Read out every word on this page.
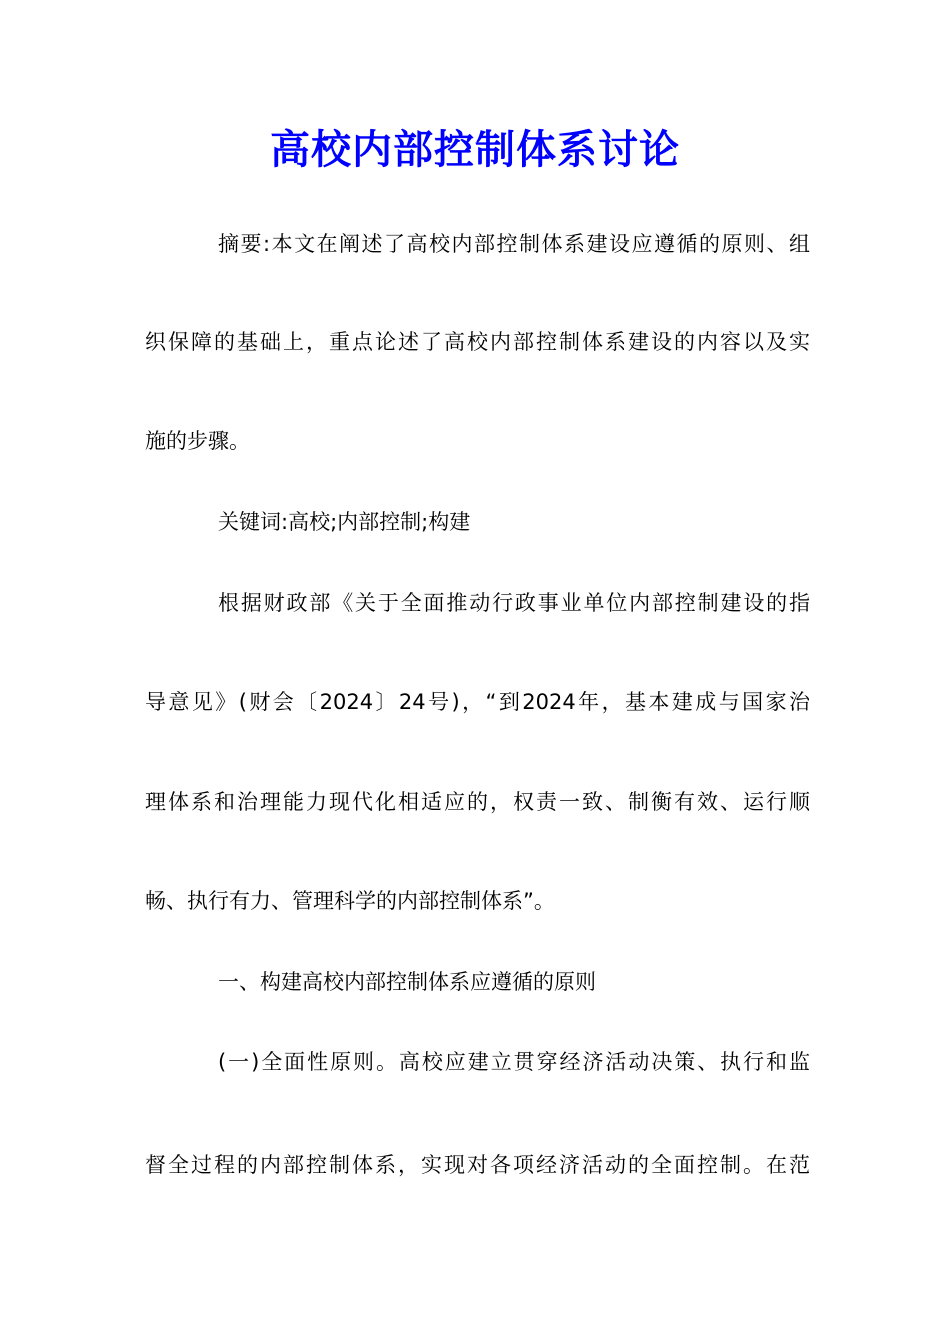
高校内部控制体系讨论
摘要:本文在阐述了高校内部控制体系建设应遵循的原则、组
织保障的基础上，重点论述了高校内部控制体系建设的内容以及实
施的步骤。
关键词:高校;内部控制;构建
根据财政部《关于全面推动行政事业单位内部控制建设的指
导意见》(财会〔2024〕24号)，“到2024年，基本建成与国家治
理体系和治理能力现代化相适应的，权责一致、制衡有效、运行顺
畅、执行有力、管理科学的内部控制体系”。
一、构建高校内部控制体系应遵循的原则
(一)全面性原则。高校应建立贯穿经济活动决策、执行和监
督全过程的内部控制体系，实现对各项经济活动的全面控制。在范
